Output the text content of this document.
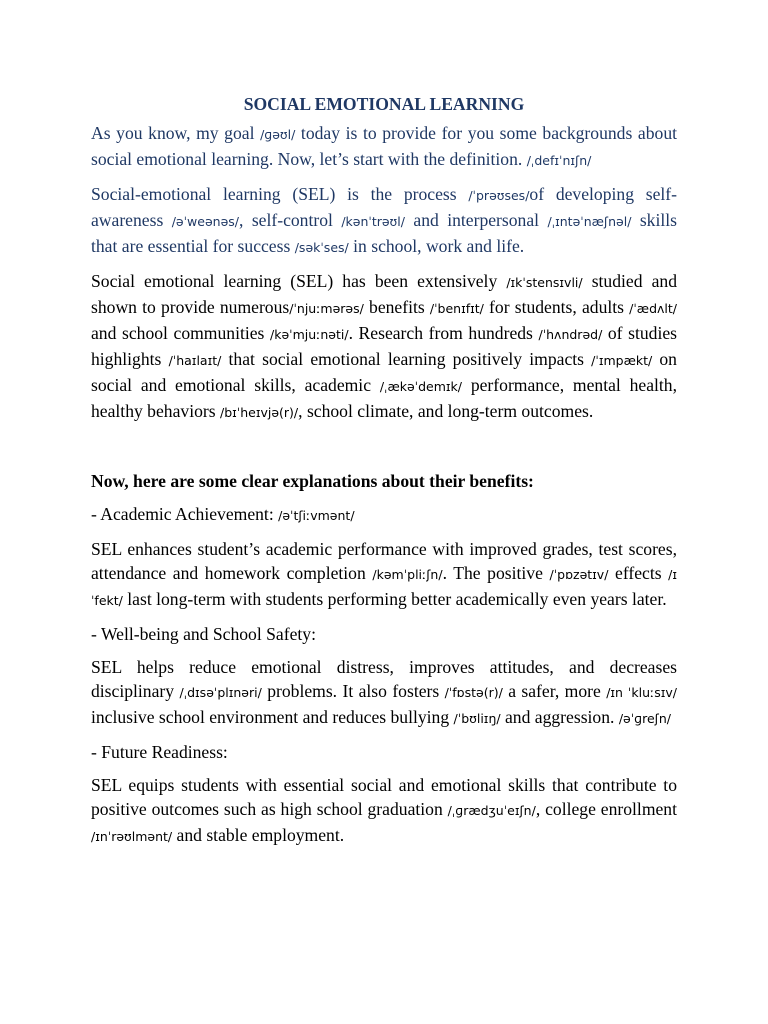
SOCIAL EMOTIONAL LEARNING

As you know, my goal /ɡəʊl/ today is to provide for you some backgrounds about social emotional learning. Now, let’s start with the definition. /ˌdefɪˈnɪʃn/

Social-emotional learning (SEL) is the process /ˈprəʊses/of developing self-awareness /əˈweənəs/, self-control /kənˈtrəʊl/ and interpersonal /ˌɪntəˈnæʃnəl/ skills that are essential for success /səkˈses/ in school, work and life.

Social emotional learning (SEL) has been extensively /ɪkˈstensɪvli/ studied and shown to provide numerous/ˈnjuːmərəs/ benefits /ˈbenɪfɪt/ for students, adults /ˈædʌlt/ and school communities /kəˈmjuːnəti/. Research from hundreds /ˈhʌndrəd/ of studies highlights /ˈhaɪlaɪt/ that social emotional learning positively impacts /ˈɪmpækt/ on social and emotional skills, academic /ˌækəˈdemɪk/ performance, mental health, healthy behaviors /bɪˈheɪvjə(r)/, school climate, and long-term outcomes.

Now, here are some clear explanations about their benefits:
- Academic Achievement: /əˈtʃiːvmənt/

SEL enhances student’s academic performance with improved grades, test scores, attendance and homework completion /kəmˈpliːʃn/. The positive /ˈpɒzətɪv/ effects /ɪˈfekt/ last long-term with students performing better academically even years later.

- Well-being and School Safety:

SEL helps reduce emotional distress, improves attitudes, and decreases disciplinary /ˌdɪsəˈplɪnəri/ problems. It also fosters /ˈfɒstə(r)/ a safer, more /ɪn ˈkluːsɪv/ inclusive school environment and reduces bullying /ˈbʊliɪŋ/ and aggression. /əˈɡreʃn/

- Future Readiness:

SEL equips students with essential social and emotional skills that contribute to positive outcomes such as high school graduation /ˌɡrædʒuˈeɪʃn/, college enrollment /ɪnˈrəʊlmənt/ and stable employment.
